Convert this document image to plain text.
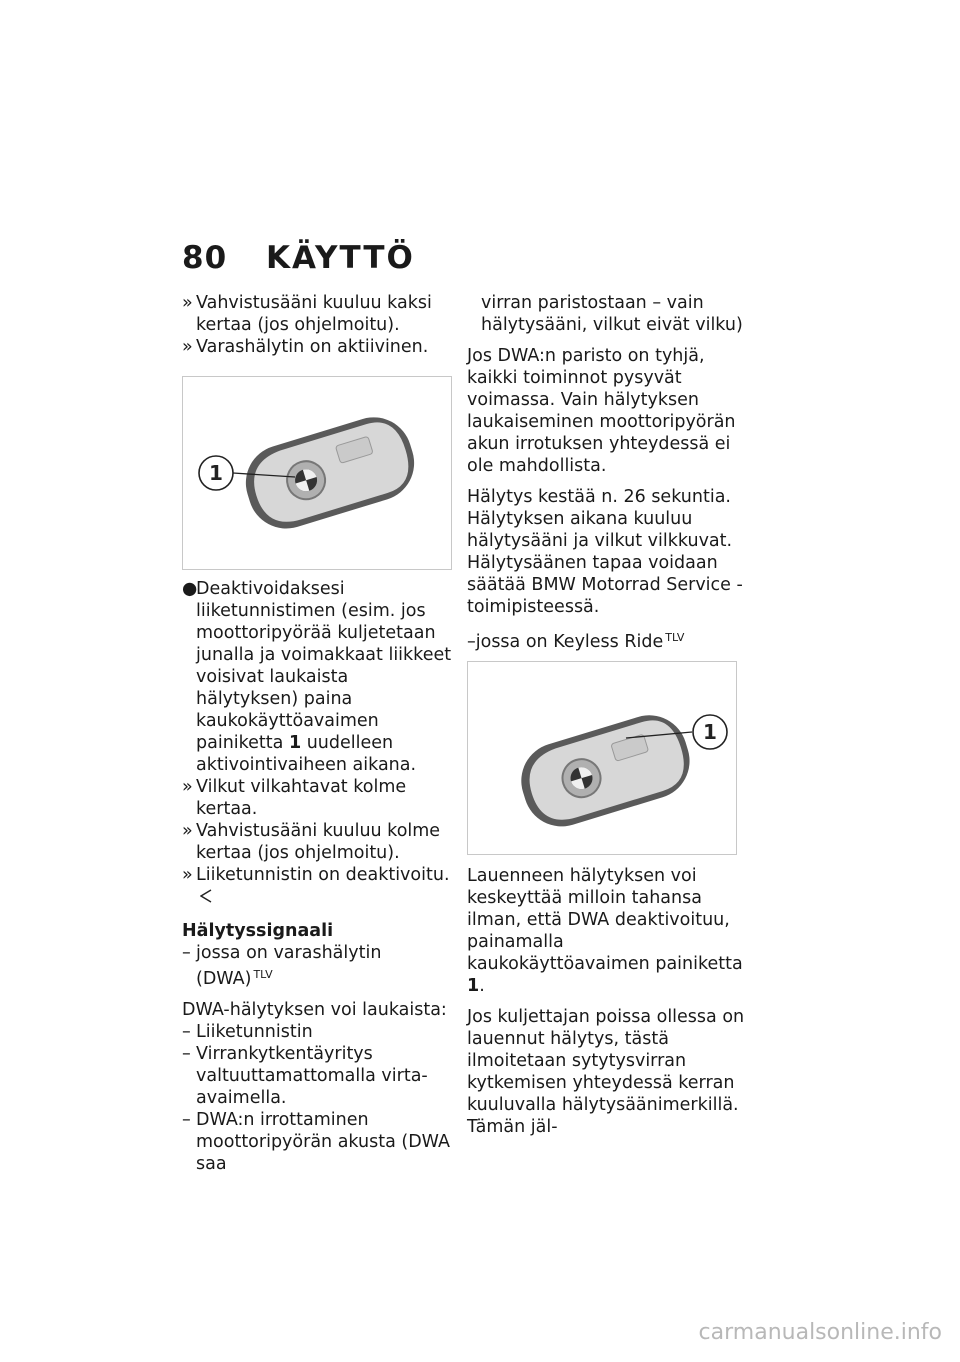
80	KÄYTTÖ

» Vahvistusääni kuuluu kaksi kertaa (jos ohjelmoitu).

» Varashälytin on aktiivinen.

1

●
Deaktivoidaksesi liiketunnistimen (esim. jos moottoripyörää kuljetetaan junalla ja voimakkaat liikkeet voisivat laukaista hälytyksen) paina kaukokäyttöavaimen painiketta 1 uudelleen aktivointivaiheen aikana.

» Vilkut vilkahtavat kolme kertaa.

» Vahvistusääni kuuluu kolme kertaa (jos ohjelmoitu).

» Liiketunnistin on deaktivoitu.

Hälytyssignaali

– jossa on varashälytin (DWA) $^{TLV}$

DWA-hälytyksen voi laukaista:

– Liiketunnistin

– Virrankytkentäyritys valtuuttamattomalla virta-avaimella.

– DWA:n irrottaminen moottoripyörän akusta (DWA saa

virran paristostaan – vain hälytysääni, vilkut eivät vilku)

Jos DWA:n paristo on tyhjä, kaikki toiminnot pysyvät voimassa. Vain hälytyksen laukaiseminen moottoripyörän akun irrotuksen yhteydessä ei ole mahdollista.

Hälytys kestää n. 26 sekuntia. Hälytyksen aikana kuuluu hälytysääni ja vilkut vilkkuvat. Hälytysäänen tapaa voidaan säätää BMW Motorrad Service -toimipisteessä.

–jossa on Keyless Ride $^{TLV}$

1

Lauenneen hälytyksen voi keskeyttää milloin tahansa ilman, että DWA deaktivoituu, painamalla kaukokäyttöavaimen painiketta 1.

Jos kuljettajan poissa ollessa on lauennut hälytys, tästä ilmoitetaan sytytysvirran kytkemisen yhteydessä kerran kuuluvalla hälytysäänimerkillä. Tämän jäl-

carmanualsonline.info
